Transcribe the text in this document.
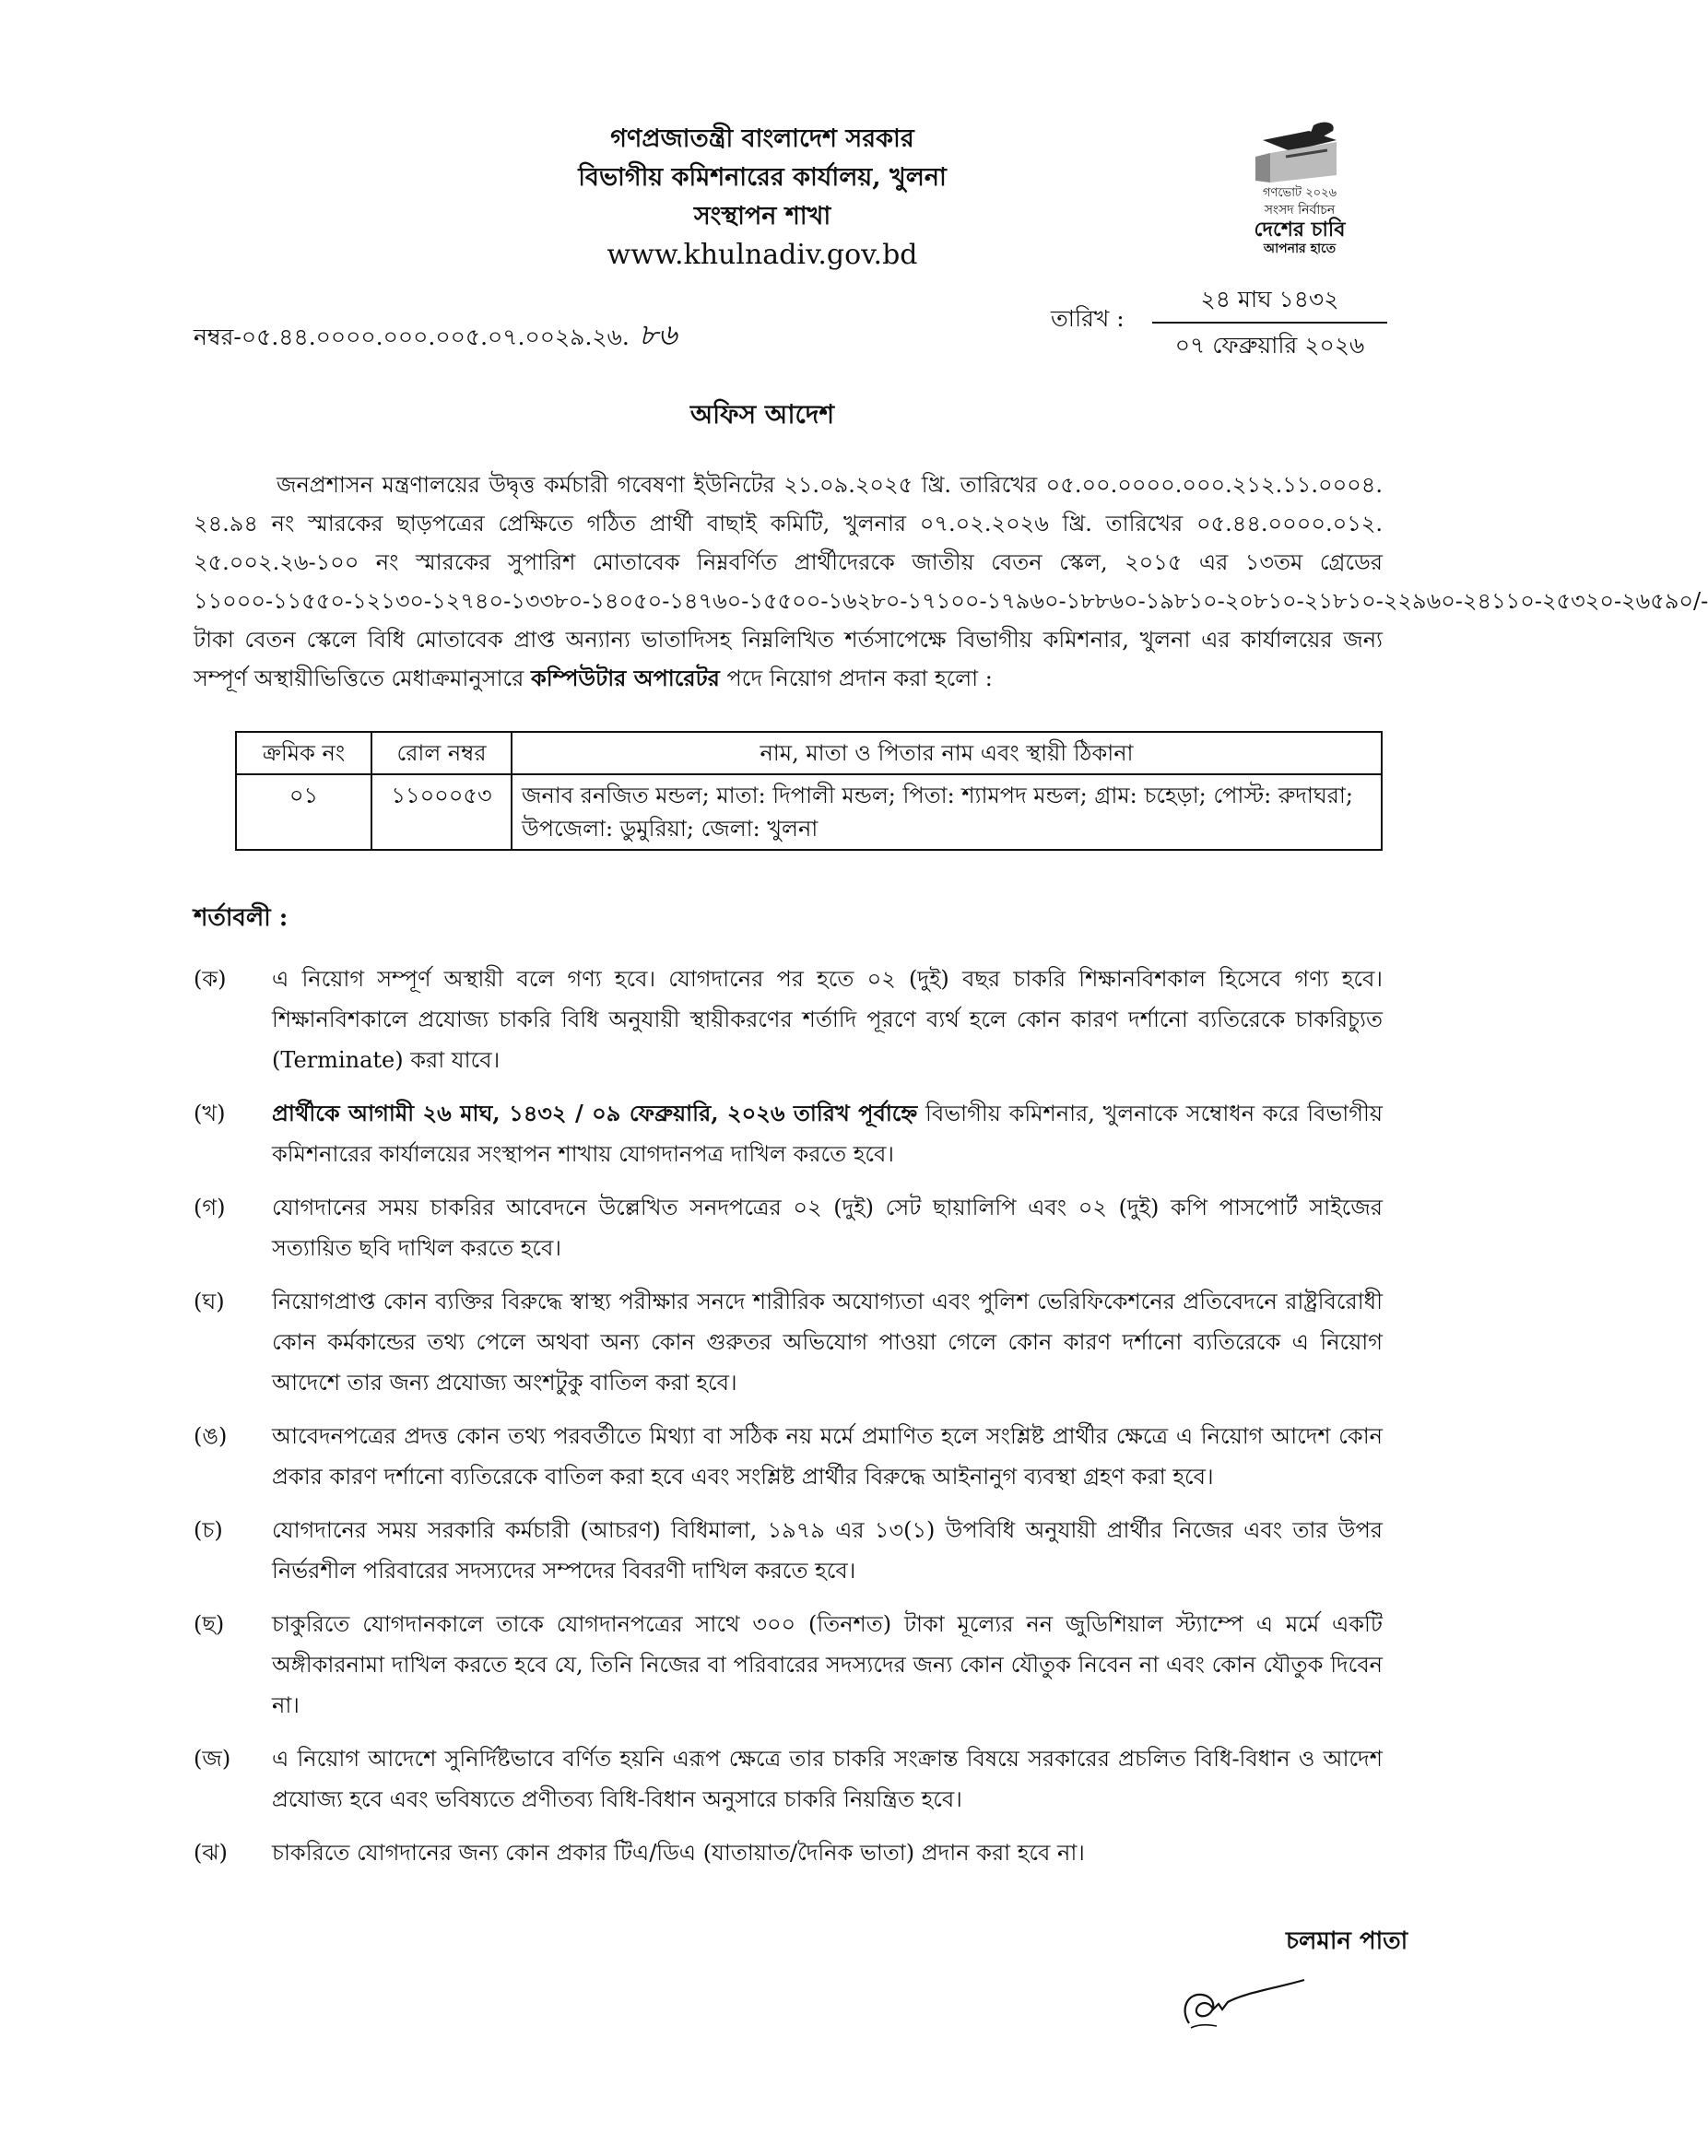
গণপ্রজাতন্ত্রী বাংলাদেশ সরকার
বিভাগীয় কমিশনারের কার্যালয়, খুলনা
সংস্থাপন শাখা
www.khulnadiv.gov.bd
গণভোট ২০২৬
সংসদ নির্বাচন
দেশের চাবি
আপনার হাতে
নম্বর-০৫.৪৪.০০০০.০০০.০০৫.০৭.০০২৯.২৬. ৮৬	তারিখ :
২৪ মাঘ ১৪৩২
০৭ ফেব্রুয়ারি ২০২৬
অফিস আদেশ
জনপ্রশাসন মন্ত্রণালয়ের উদ্বৃত্ত কর্মচারী গবেষণা ইউনিটের ২১.০৯.২০২৫ খ্রি. তারিখের ০৫.০০.০০০০.০০০.২১২.১১.০০০৪. ২৪.৯৪ নং স্মারকের ছাড়পত্রের প্রেক্ষিতে গঠিত প্রার্থী বাছাই কমিটি, খুলনার ০৭.০২.২০২৬ খ্রি. তারিখের ০৫.৪৪.০০০০.০১২. ২৫.০০২.২৬-১০০ নং স্মারকের সুপারিশ মোতাবেক নিম্নবর্ণিত প্রার্থীদেরকে জাতীয় বেতন স্কেল, ২০১৫ এর ১৩তম গ্রেডের ১১০০০-১১৫৫০-১২১৩০-১২৭৪০-১৩৩৮০-১৪০৫০-১৪৭৬০-১৫৫০০-১৬২৮০-১৭১০০-১৭৯৬০-১৮৮৬০-১৯৮১০-২০৮১০-২১৮১০-২২৯৬০-২৪১১০-২৫৩২০-২৬৫৯০/-টাকা বেতন স্কেলে বিধি মোতাবেক প্রাপ্ত অন্যান্য ভাতাদিসহ নিম্নলিখিত শর্তসাপেক্ষে বিভাগীয় কমিশনার, খুলনা এর কার্যালয়ের জন্য সম্পূর্ণ অস্থায়ীভিত্তিতে মেধাক্রমানুসারে কম্পিউটার অপারেটর পদে নিয়োগ প্রদান করা হলো :
ক্রমিক নং	রোল নম্বর	নাম, মাতা ও পিতার নাম এবং স্থায়ী ঠিকানা
০১	১১০০০৫৩	জনাব রনজিত মন্ডল; মাতা: দিপালী মন্ডল; পিতা: শ্যামপদ মন্ডল; গ্রাম: চহেড়া; পোস্ট: রুদাঘরা; উপজেলা: ডুমুরিয়া; জেলা: খুলনা
শর্তাবলী :
(ক)	এ নিয়োগ সম্পূর্ণ অস্থায়ী বলে গণ্য হবে। যোগদানের পর হতে ০২ (দুই) বছর চাকরি শিক্ষানবিশকাল হিসেবে গণ্য হবে। শিক্ষানবিশকালে প্রযোজ্য চাকরি বিধি অনুযায়ী স্থায়ীকরণের শর্তাদি পূরণে ব্যর্থ হলে কোন কারণ দর্শানো ব্যতিরেকে চাকরিচ্যুত (Terminate) করা যাবে।
(খ)	প্রার্থীকে আগামী ২৬ মাঘ, ১৪৩২ / ০৯ ফেব্রুয়ারি, ২০২৬ তারিখ পূর্বাহ্নে বিভাগীয় কমিশনার, খুলনাকে সম্বোধন করে বিভাগীয় কমিশনারের কার্যালয়ের সংস্থাপন শাখায় যোগদানপত্র দাখিল করতে হবে।
(গ)	যোগদানের সময় চাকরির আবেদনে উল্লেখিত সনদপত্রের ০২ (দুই) সেট ছায়ালিপি এবং ০২ (দুই) কপি পাসপোর্ট সাইজের সত্যায়িত ছবি দাখিল করতে হবে।
(ঘ)	নিয়োগপ্রাপ্ত কোন ব্যক্তির বিরুদ্ধে স্বাস্থ্য পরীক্ষার সনদে শারীরিক অযোগ্যতা এবং পুলিশ ভেরিফিকেশনের প্রতিবেদনে রাষ্ট্রবিরোধী কোন কর্মকান্ডের তথ্য পেলে অথবা অন্য কোন গুরুতর অভিযোগ পাওয়া গেলে কোন কারণ দর্শানো ব্যতিরেকে এ নিয়োগ আদেশে তার জন্য প্রযোজ্য অংশটুকু বাতিল করা হবে।
(ঙ)	আবেদনপত্রের প্রদত্ত কোন তথ্য পরবর্তীতে মিথ্যা বা সঠিক নয় মর্মে প্রমাণিত হলে সংশ্লিষ্ট প্রার্থীর ক্ষেত্রে এ নিয়োগ আদেশ কোন প্রকার কারণ দর্শানো ব্যতিরেকে বাতিল করা হবে এবং সংশ্লিষ্ট প্রার্থীর বিরুদ্ধে আইনানুগ ব্যবস্থা গ্রহণ করা হবে।
(চ)	যোগদানের সময় সরকারি কর্মচারী (আচরণ) বিধিমালা, ১৯৭৯ এর ১৩(১) উপবিধি অনুযায়ী প্রার্থীর নিজের এবং তার উপর নির্ভরশীল পরিবারের সদস্যদের সম্পদের বিবরণী দাখিল করতে হবে।
(ছ)	চাকুরিতে যোগদানকালে তাকে যোগদানপত্রের সাথে ৩০০ (তিনশত) টাকা মূল্যের নন জুডিশিয়াল স্ট্যাম্পে এ মর্মে একটি অঙ্গীকারনামা দাখিল করতে হবে যে, তিনি নিজের বা পরিবারের সদস্যদের জন্য কোন যৌতুক নিবেন না এবং কোন যৌতুক দিবেন না।
(জ)	এ নিয়োগ আদেশে সুনির্দিষ্টভাবে বর্ণিত হয়নি এরূপ ক্ষেত্রে তার চাকরি সংক্রান্ত বিষয়ে সরকারের প্রচলিত বিধি-বিধান ও আদেশ প্রযোজ্য হবে এবং ভবিষ্যতে প্রণীতব্য বিধি-বিধান অনুসারে চাকরি নিয়ন্ত্রিত হবে।
(ঝ)	চাকরিতে যোগদানের জন্য কোন প্রকার টিএ/ডিএ (যাতায়াত/দৈনিক ভাতা) প্রদান করা হবে না।
চলমান পাতা
